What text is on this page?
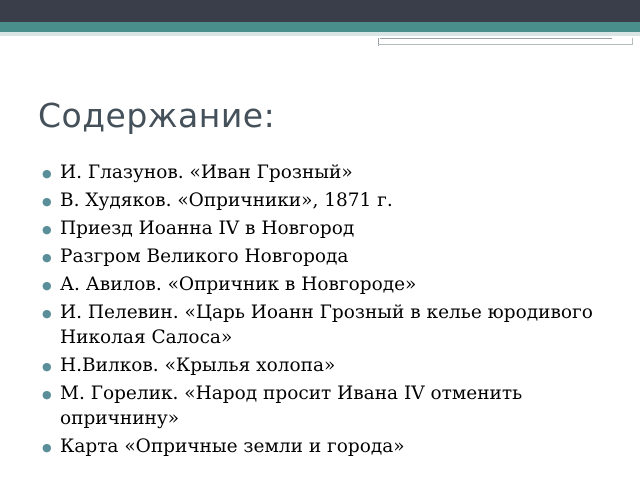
Содержание:
● И. Глазунов. «Иван Грозный»
● В. Худяков. «Опричники», 1871 г.
● Приезд Иоанна IV в Новгород
● Разгром Великого Новгорода
● А. Авилов. «Опричник в Новгороде»
● И. Пелевин. «Царь Иоанн Грозный в келье юродивого Николая Салоса»
● Н.Вилков. «Крылья холопа»
● М. Горелик. «Народ просит Ивана IV отменить опричнину»
● Карта «Опричные земли и города»
